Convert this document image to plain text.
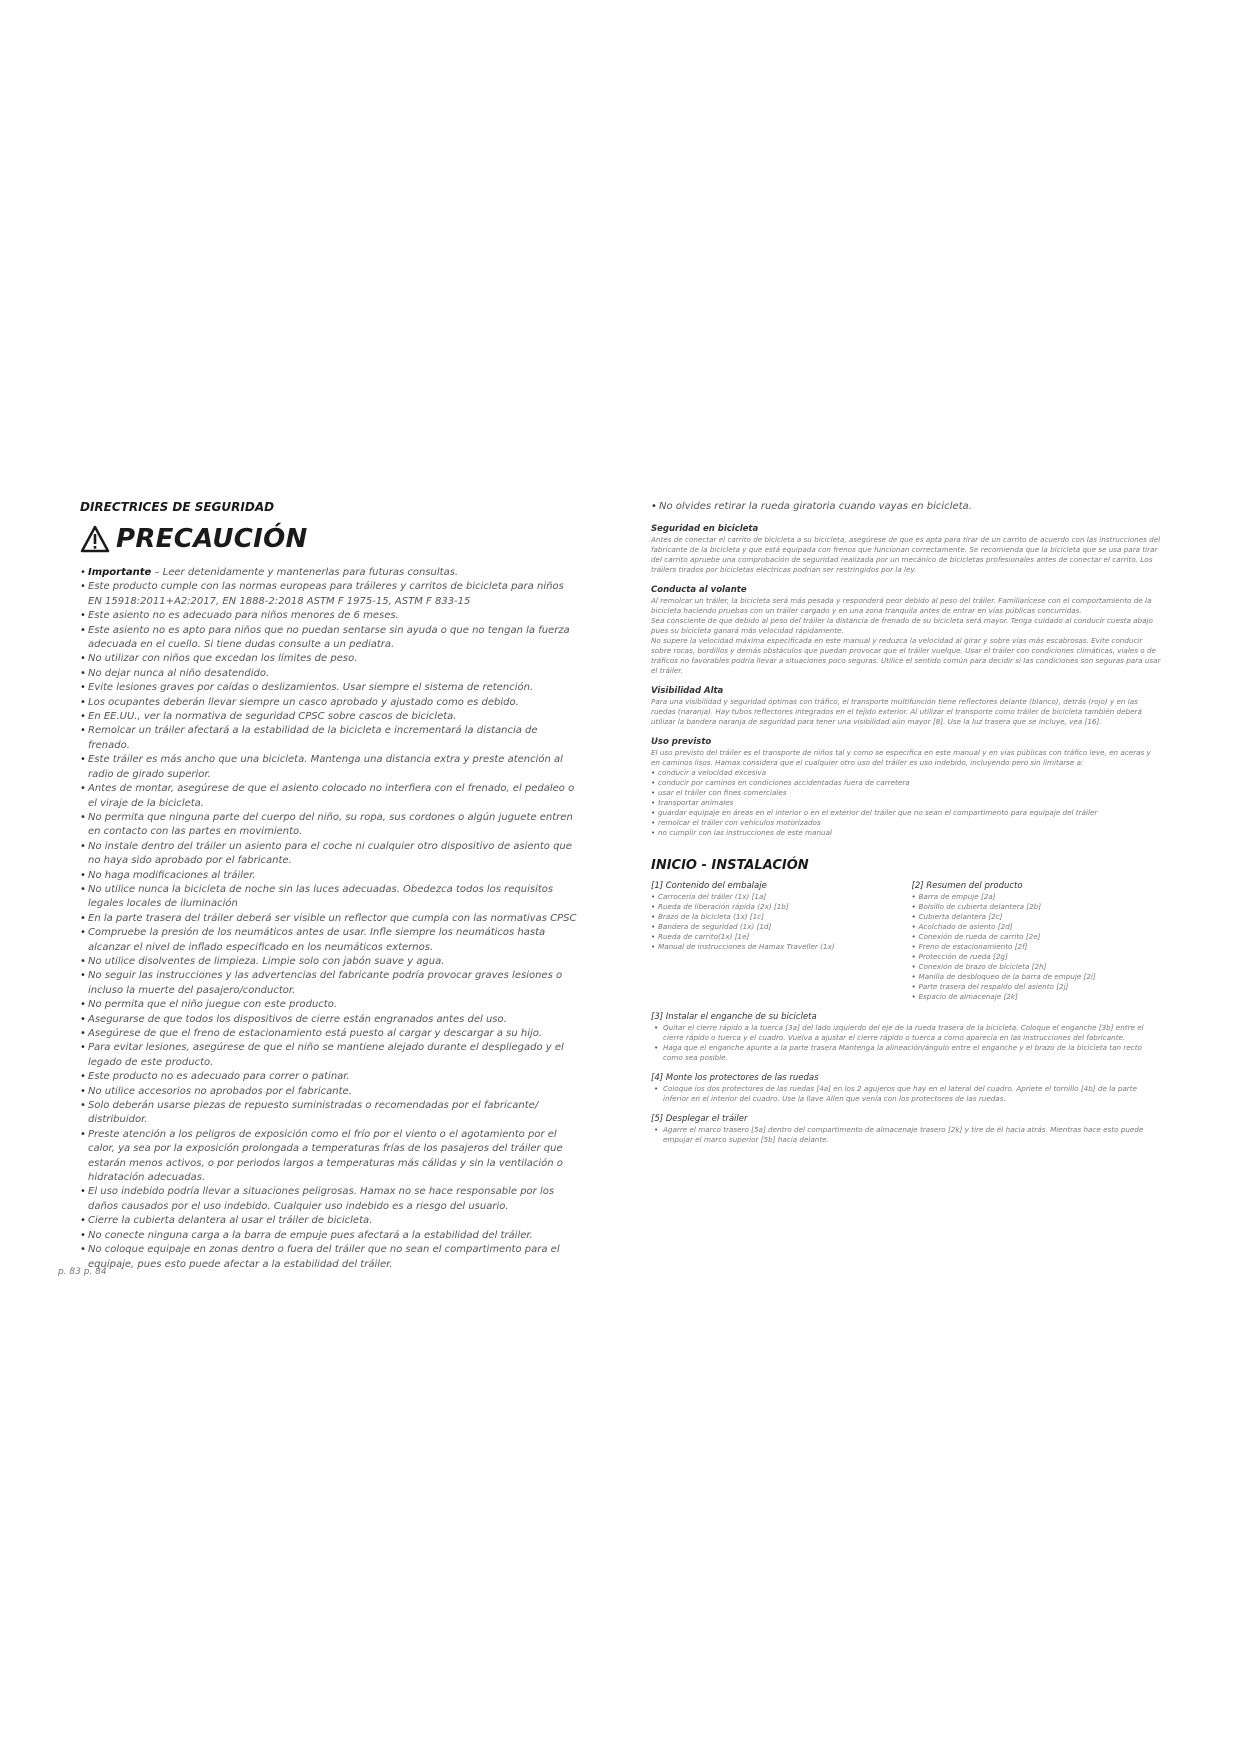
DIRECTRICES DE SEGURIDAD
PRECAUCIÓN
• Importante – Leer detenidamente y mantenerlas para futuras consultas.
• Este producto cumple con las normas europeas para tráileres y carritos de bicicleta para niños EN 15918:2011+A2:2017, EN 1888-2:2018 ASTM F 1975-15, ASTM F 833-15
• Este asiento no es adecuado para niños menores de 6 meses.
• Este asiento no es apto para niños que no puedan sentarse sin ayuda o que no tengan la fuerza adecuada en el cuello. Si tiene dudas consulte a un pediatra.
• No utilizar con niños que excedan los límites de peso.
• No dejar nunca al niño desatendido.
• Evite lesiones graves por caídas o deslizamientos. Usar siempre el sistema de retención.
• Los ocupantes deberán llevar siempre un casco aprobado y ajustado como es debido.
• En EE.UU., ver la normativa de seguridad CPSC sobre cascos de bicicleta.
• Remolcar un tráiler afectará a la estabilidad de la bicicleta e incrementará la distancia de frenado.
• Este tráiler es más ancho que una bicicleta. Mantenga una distancia extra y preste atención al radio de girado superior.
• Antes de montar, asegúrese de que el asiento colocado no interfiera con el frenado, el pedaleo o el viraje de la bicicleta.
• No permita que ninguna parte del cuerpo del niño, su ropa, sus cordones o algún juguete entren en contacto con las partes en movimiento.
• No instale dentro del tráiler un asiento para el coche ni cualquier otro dispositivo de asiento que no haya sido aprobado por el fabricante.
• No haga modificaciones al tráiler.
• No utilice nunca la bicicleta de noche sin las luces adecuadas. Obedezca todos los requisitos legales locales de iluminación
• En la parte trasera del tráiler deberá ser visible un reflector que cumpla con las normativas CPSC
• Compruebe la presión de los neumáticos antes de usar. Infle siempre los neumáticos hasta alcanzar el nivel de inflado especificado en los neumáticos externos.
• No utilice disolventes de limpieza. Limpie solo con jabón suave y agua.
• No seguir las instrucciones y las advertencias del fabricante podría provocar graves lesiones o incluso la muerte del pasajero/conductor.
• No permita que el niño juegue con este producto.
• Asegurarse de que todos los dispositivos de cierre están engranados antes del uso.
• Asegúrese de que el freno de estacionamiento está puesto al cargar y descargar a su hijo.
• Para evitar lesiones, asegúrese de que el niño se mantiene alejado durante el despliegado y el legado de este producto.
• Este producto no es adecuado para correr o patinar.
• No utilice accesorios no aprobados por el fabricante.
• Solo deberán usarse piezas de repuesto suministradas o recomendadas por el fabricante/ distribuidor.
• Preste atención a los peligros de exposición como el frío por el viento o el agotamiento por el calor, ya sea por la exposición prolongada a temperaturas frías de los pasajeros del tráiler que estarán menos activos, o por periodos largos a temperaturas más cálidas y sin la ventilación o hidratación adecuadas.
• El uso indebido podría llevar a situaciones peligrosas. Hamax no se hace responsable por los daños causados por el uso indebido. Cualquier uso indebido es a riesgo del usuario.
• Cierre la cubierta delantera al usar el tráiler de bicicleta.
• No conecte ninguna carga a la barra de empuje pues afectará a la estabilidad del tráiler.
• No coloque equipaje en zonas dentro o fuera del tráiler que no sean el compartimento para el equipaje, pues esto puede afectar a la estabilidad del tráiler.
p. 83 p. 84

• No olvides retirar la rueda giratoria cuando vayas en bicicleta.

Seguridad en bicicleta

Antes de conectar el carrito de bicicleta a su bicicleta, asegúrese de que es apta para tirar de un carrito de acuerdo con las instrucciones del fabricante de la bicicleta y que está equipada con frenos que funcionan correctamente. Se recomienda que la bicicleta que se usa para tirar del carrito apruebe una comprobación de seguridad realizada por un mecánico de bicicletas profesionales antes de conectar el carrito. Los tráilers tirados por bicicletas eléctricas podrían ser restringidos por la ley.

Conducta al volante

Al remolcar un tráiler, la bicicleta será más pesada y responderá peor debido al peso del tráiler. Familiarícese con el comportamiento de la bicicleta haciendo pruebas con un tráiler cargado y en una zona tranquila antes de entrar en vías públicas concurridas.

Sea consciente de que debido al peso del tráiler la distancia de frenado de su bicicleta será mayor. Tenga cuidado al conducir cuesta abajo pues su bicicleta ganará más velocidad rápidamente.

No supere la velocidad máxima especificada en este manual y reduzca la velocidad al girar y sobre vías más escabrosas. Evite conducir sobre rocas, bordillos y demás obstáculos que puedan provocar que el tráiler vuelque. Usar el tráiler con condiciones climáticas, viales o de tráficos no favorables podría llevar a situaciones poco seguras. Utilice el sentido común para decidir si las condiciones son seguras para usar el tráiler.

Visibilidad Alta

Para una visibilidad y seguridad óptimas con tráfico, el transporte multifunción tiene reflectores delante (blanco), detrás (rojo) y en las ruedas (naranja). Hay tubos reflectores integrados en el tejido exterior. Al utilizar el transporte como tráiler de bicicleta también deberá utilizar la bandera naranja de seguridad para tener una visibilidad aún mayor [8]. Use la luz trasera que se incluye, vea [16].

Uso previsto

El uso previsto del tráiler es el transporte de niños tal y como se especifica en este manual y en vías públicas con tráfico leve, en aceras y en caminos lisos. Hamax considera que el cualquier otro uso del tráiler es uso indebido, incluyendo pero sin limitarse a:

• conducir a velocidad excesiva
• conducir por caminos en condiciones accidentadas fuera de carretera
• usar el tráiler con fines comerciales
• transportar animales
• guardar equipaje en áreas en el interior o en el exterior del tráiler que no sean el compartimento para equipaje del tráiler
• remolcar el tráiler con vehículos motorizados
• no cumplir con las instrucciones de este manual
INICIO - INSTALACIÓN

[1] Contenido del embalaje

• Carrocería del tráiler (1x) [1a]
• Rueda de liberación rápida (2x) [1b]
• Brazo de la bicicleta (1x) [1c]
• Bandera de seguridad (1x) [1d]
• Rueda de carrito(1x) [1e]
• Manual de instrucciones de Hamax Traveller (1x)

[2] Resumen del producto

• Barra de empuje [2a]
• Bolsillo de cubierta delantera [2b]
• Cubierta delantera [2c]
• Acolchado de asiento [2d]
• Conexión de rueda de carrito [2e]
• Freno de estacionamiento [2f]
• Protección de rueda [2g]
• Conexión de brazo de bicicleta [2h]
• Manilla de desbloqueo de la barra de empuje [2i]
• Parte trasera del respaldo del asiento [2j]
• Espacio de almacenaje [2k]

[3] Instalar el enganche de su bicicleta

• Quitar el cierre rápido a la tuerca [3a] del lado izquierdo del eje de la rueda trasera de la bicicleta. Coloque el enganche [3b] entre el cierre rápido o tuerca y el cuadro. Vuelva a ajustar el cierre rápido o tuerca a como aparecía en las instrucciones del fabricante.
• Haga que el enganche apunte a la parte trasera Mantenga la alineación/ángulo entre el enganche y el brazo de la bicicleta tan recto como sea posible.

[4] Monte los protectores de las ruedas

• Coloque los dos protectores de las ruedas [4a] en los 2 agujeros que hay en el lateral del cuadro. Apriete el tornillo [4b] de la parte inferior en el interior del cuadro. Use la llave Allen que venía con los protectores de las ruedas.

[5] Desplegar el tráiler

• Agarre el marco trasero [5a] dentro del compartimento de almacenaje trasero [2k] y tire de él hacia atrás. Mientras hace esto puede empujar el marco superior [5b] hacia delante.
